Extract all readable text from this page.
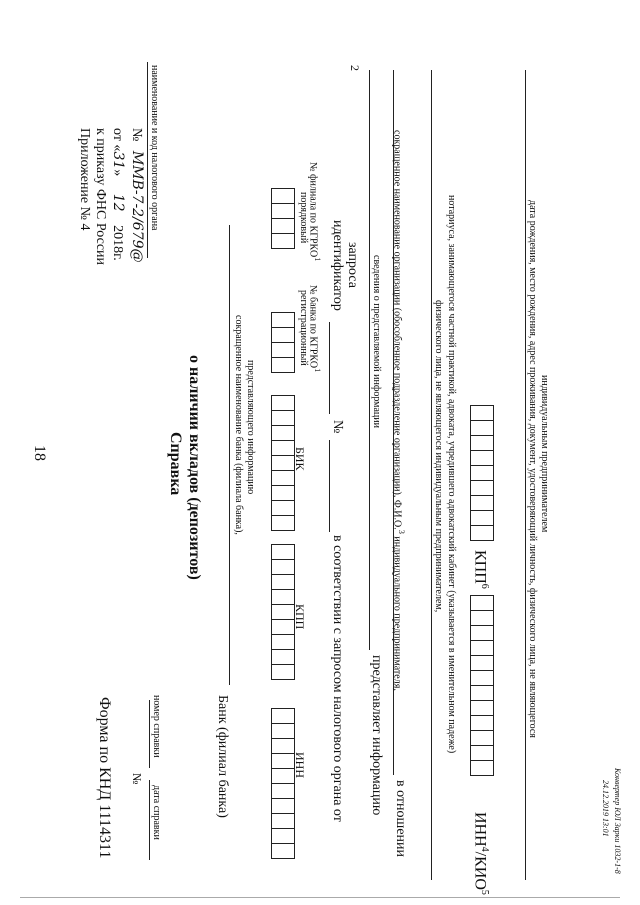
18
2
Приложение № 4 к приказу ФНС России от «31» 12 2018г.
№ ММВ-7-2/679@ наименование и код налогового органа
Форма по КНД 1114311 №
дата справки
номер справки
Справка о наличии вкладов (депозитов)
Банк (филиал банка)
сокращенное наименование банка (филиала банка), представляющего информацию
ИНН
КПП
БИК
регистрационный
№ банка по КГРКО$^1$
порядковый
№ филиала по КГРКО$^1$
в соответствии с запросом налогового органа от
№
идентификатор запроса
представляет информацию
сведения о представляемой информации
в отношении
сокращенное наименование организации (обособленное подразделение организации), Ф.И.О.$^3$ индивидуального предпринимателя,
физического лица, не являющегося индивидуальным предпринимателем, нотариуса, занимающегося частной практикой, адвоката, учредившего адвокатский кабинет (указывается в именительном падеже)
ИНН$^4$/КИО$^5$
КПП$^6$	дата рождения, место рождения, адрес проживания, документ, удостоверяющий личность, физического лица, не являющегося индивидуальным предпринимателем
24.12.2019 13:01 Конвертер ЮЛ Зарки 1032-1-8
